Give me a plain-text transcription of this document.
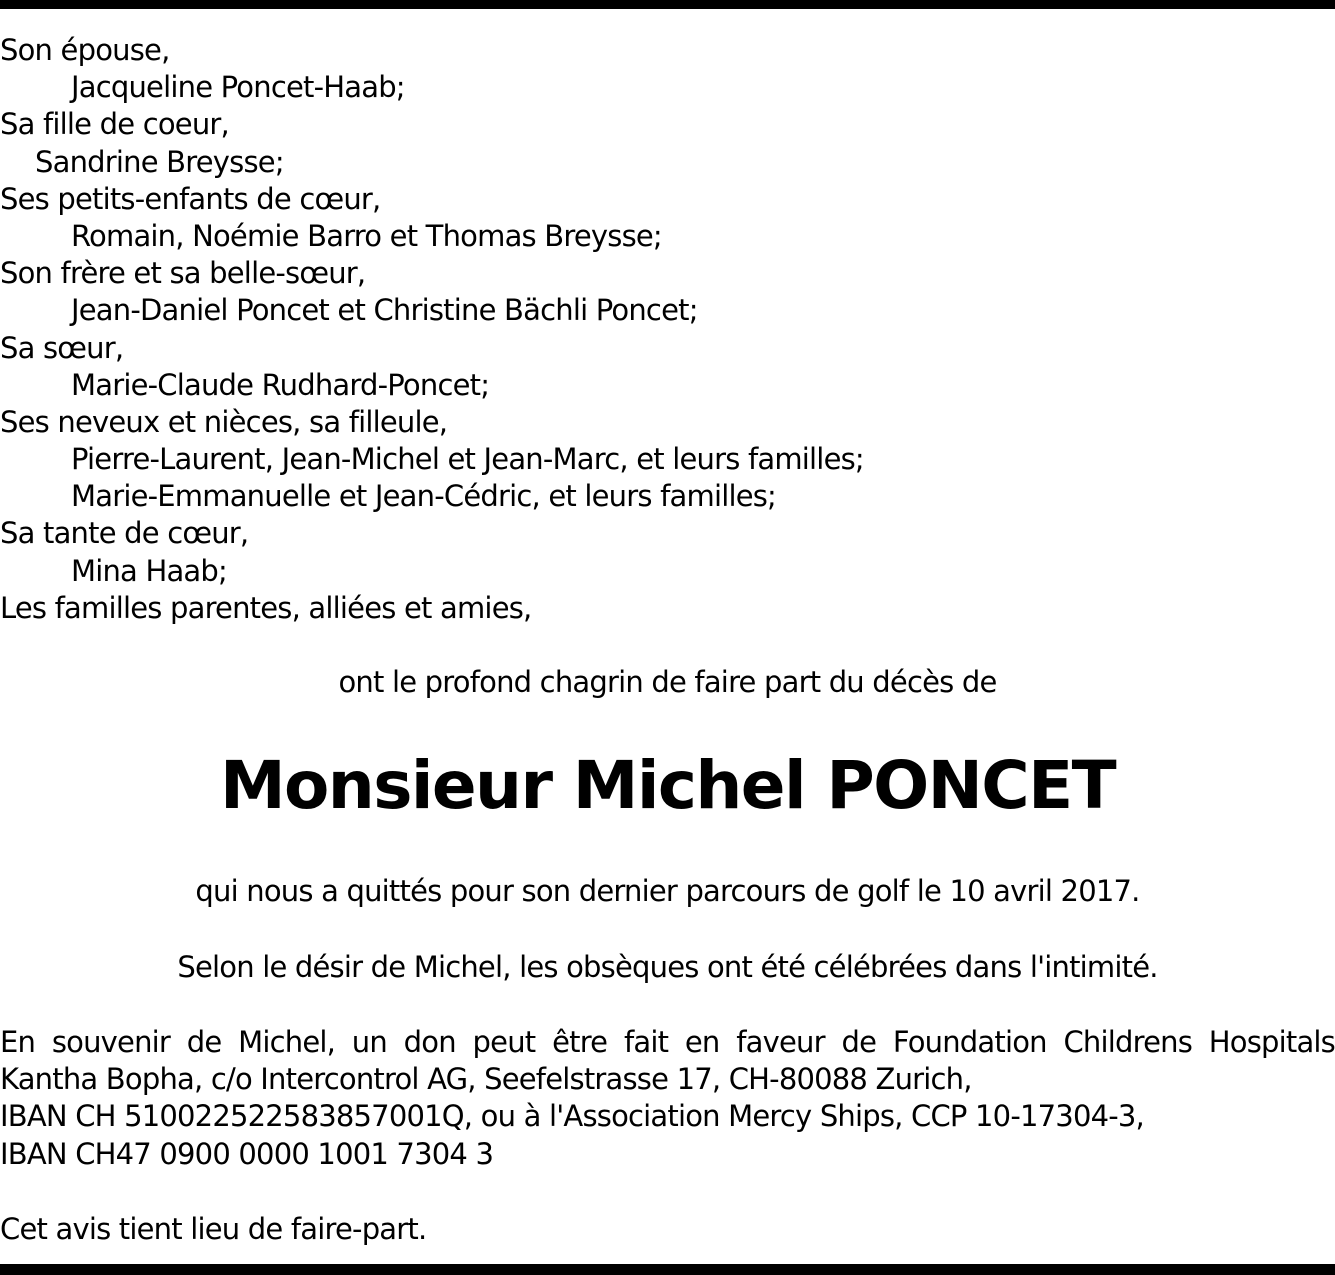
Son épouse,
Jacqueline Poncet-Haab;
Sa fille de coeur,
Sandrine Breysse;
Ses petits-enfants de cœur,
Romain, Noémie Barro et Thomas Breysse;
Son frère et sa belle-sœur,
Jean-Daniel Poncet et Christine Bächli Poncet;
Sa sœur,
Marie-Claude Rudhard-Poncet;
Ses neveux et nièces, sa filleule,
Pierre-Laurent, Jean-Michel et Jean-Marc, et leurs familles;
Marie-Emmanuelle et Jean-Cédric, et leurs familles;
Sa tante de cœur,
Mina Haab;
Les familles parentes, alliées et amies,
ont le profond chagrin de faire part du décès de
Monsieur Michel PONCET
qui nous a quittés pour son dernier parcours de golf le 10 avril 2017.
Selon le désir de Michel, les obsèques ont été célébrées dans l'intimité.
En souvenir de Michel, un don peut être fait en faveur de Foundation Childrens Hospitals
Kantha Bopha, c/o Intercontrol AG, Seefelstrasse 17, CH-80088 Zurich,
IBAN CH 510022522583857001Q, ou à l'Association Mercy Ships, CCP 10-17304-3,
IBAN CH47 0900 0000 1001 7304 3
Cet avis tient lieu de faire-part.
